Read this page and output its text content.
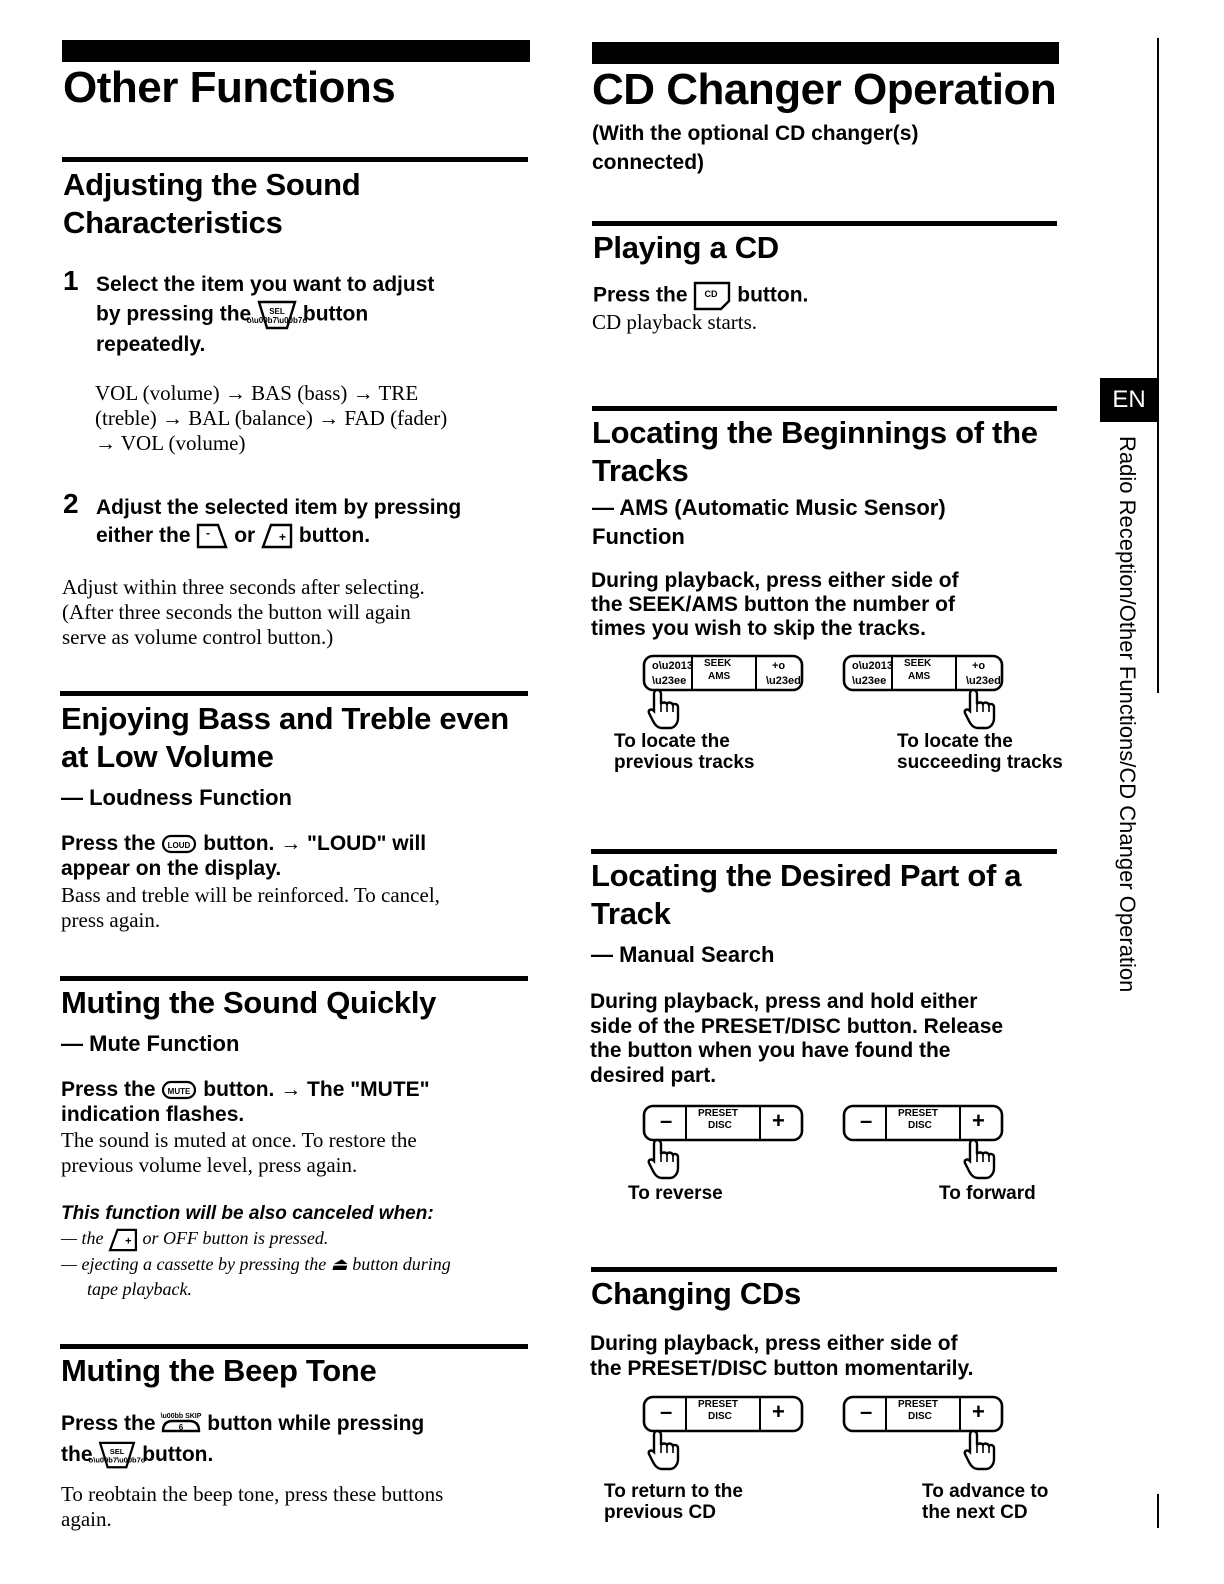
Other Functions
Adjusting the Sound Characteristics
1 Select the item you want to adjust
by pressing the SEL
o\u00b7\u00b7o
button
repeatedly.
VOL (volume) → BAS (bass) → TRE
(treble) → BAL (balance) → FAD (fader)
→ VOL (volume)
2 Adjust the selected item by pressing
either the - or + button.
Adjust within three seconds after selecting.
(After three seconds the button will again
serve as volume control button.)
Enjoying Bass and Treble even
at Low Volume
— Loudness Function
Press the LOUD button. → "LOUD" will
appear on the display.
Bass and treble will be reinforced. To cancel,
press again.
Muting the Sound Quickly
— Mute Function
Press the MUTE button. → The "MUTE"
indication flashes.
The sound is muted at once. To restore the
previous volume level, press again.
This function will be also canceled when:
— the + or OFF button is pressed.
— ejecting a cassette by pressing the ⏏ button during
tape playback.
Muting the Beep Tone
Press the \u00bb SKIP
6 button while pressing
the SEL
o\u00b7\u00b7o
button.
To reobtain the beep tone, press these buttons
again.
CD Changer Operation
(With the optional CD changer(s)
connected)
Playing a CD
Press the CD button.
CD playback starts.
Locating the Beginnings of the
Tracks
— AMS (Automatic Music Sensor)
Function
During playback, press either side of
the SEEK/AMS button the number of
times you wish to skip the tracks.
o\u2013
\u23ee
+o
\u23ed
SEEK
AMS
o\u2013
\u23ee
+o
\u23ed
SEEK
AMS
To locate the
previous tracks
To locate the
succeeding tracks
Locating the Desired Part of a
Track
— Manual Search
During playback, press and hold either
side of the PRESET/DISC button. Release
the button when you have found the
desired part.
–	PRESET
DISC +	–	PRESET
DISC +
To reverse	To forward
Changing CDs
During playback, press either side of
the PRESET/DISC button momentarily.
–	PRESET
DISC +	–	PRESET
DISC +
To return to the
previous CD
To advance to
the next CD
EN
Radio Reception/Other Functions/CD Changer Operation
